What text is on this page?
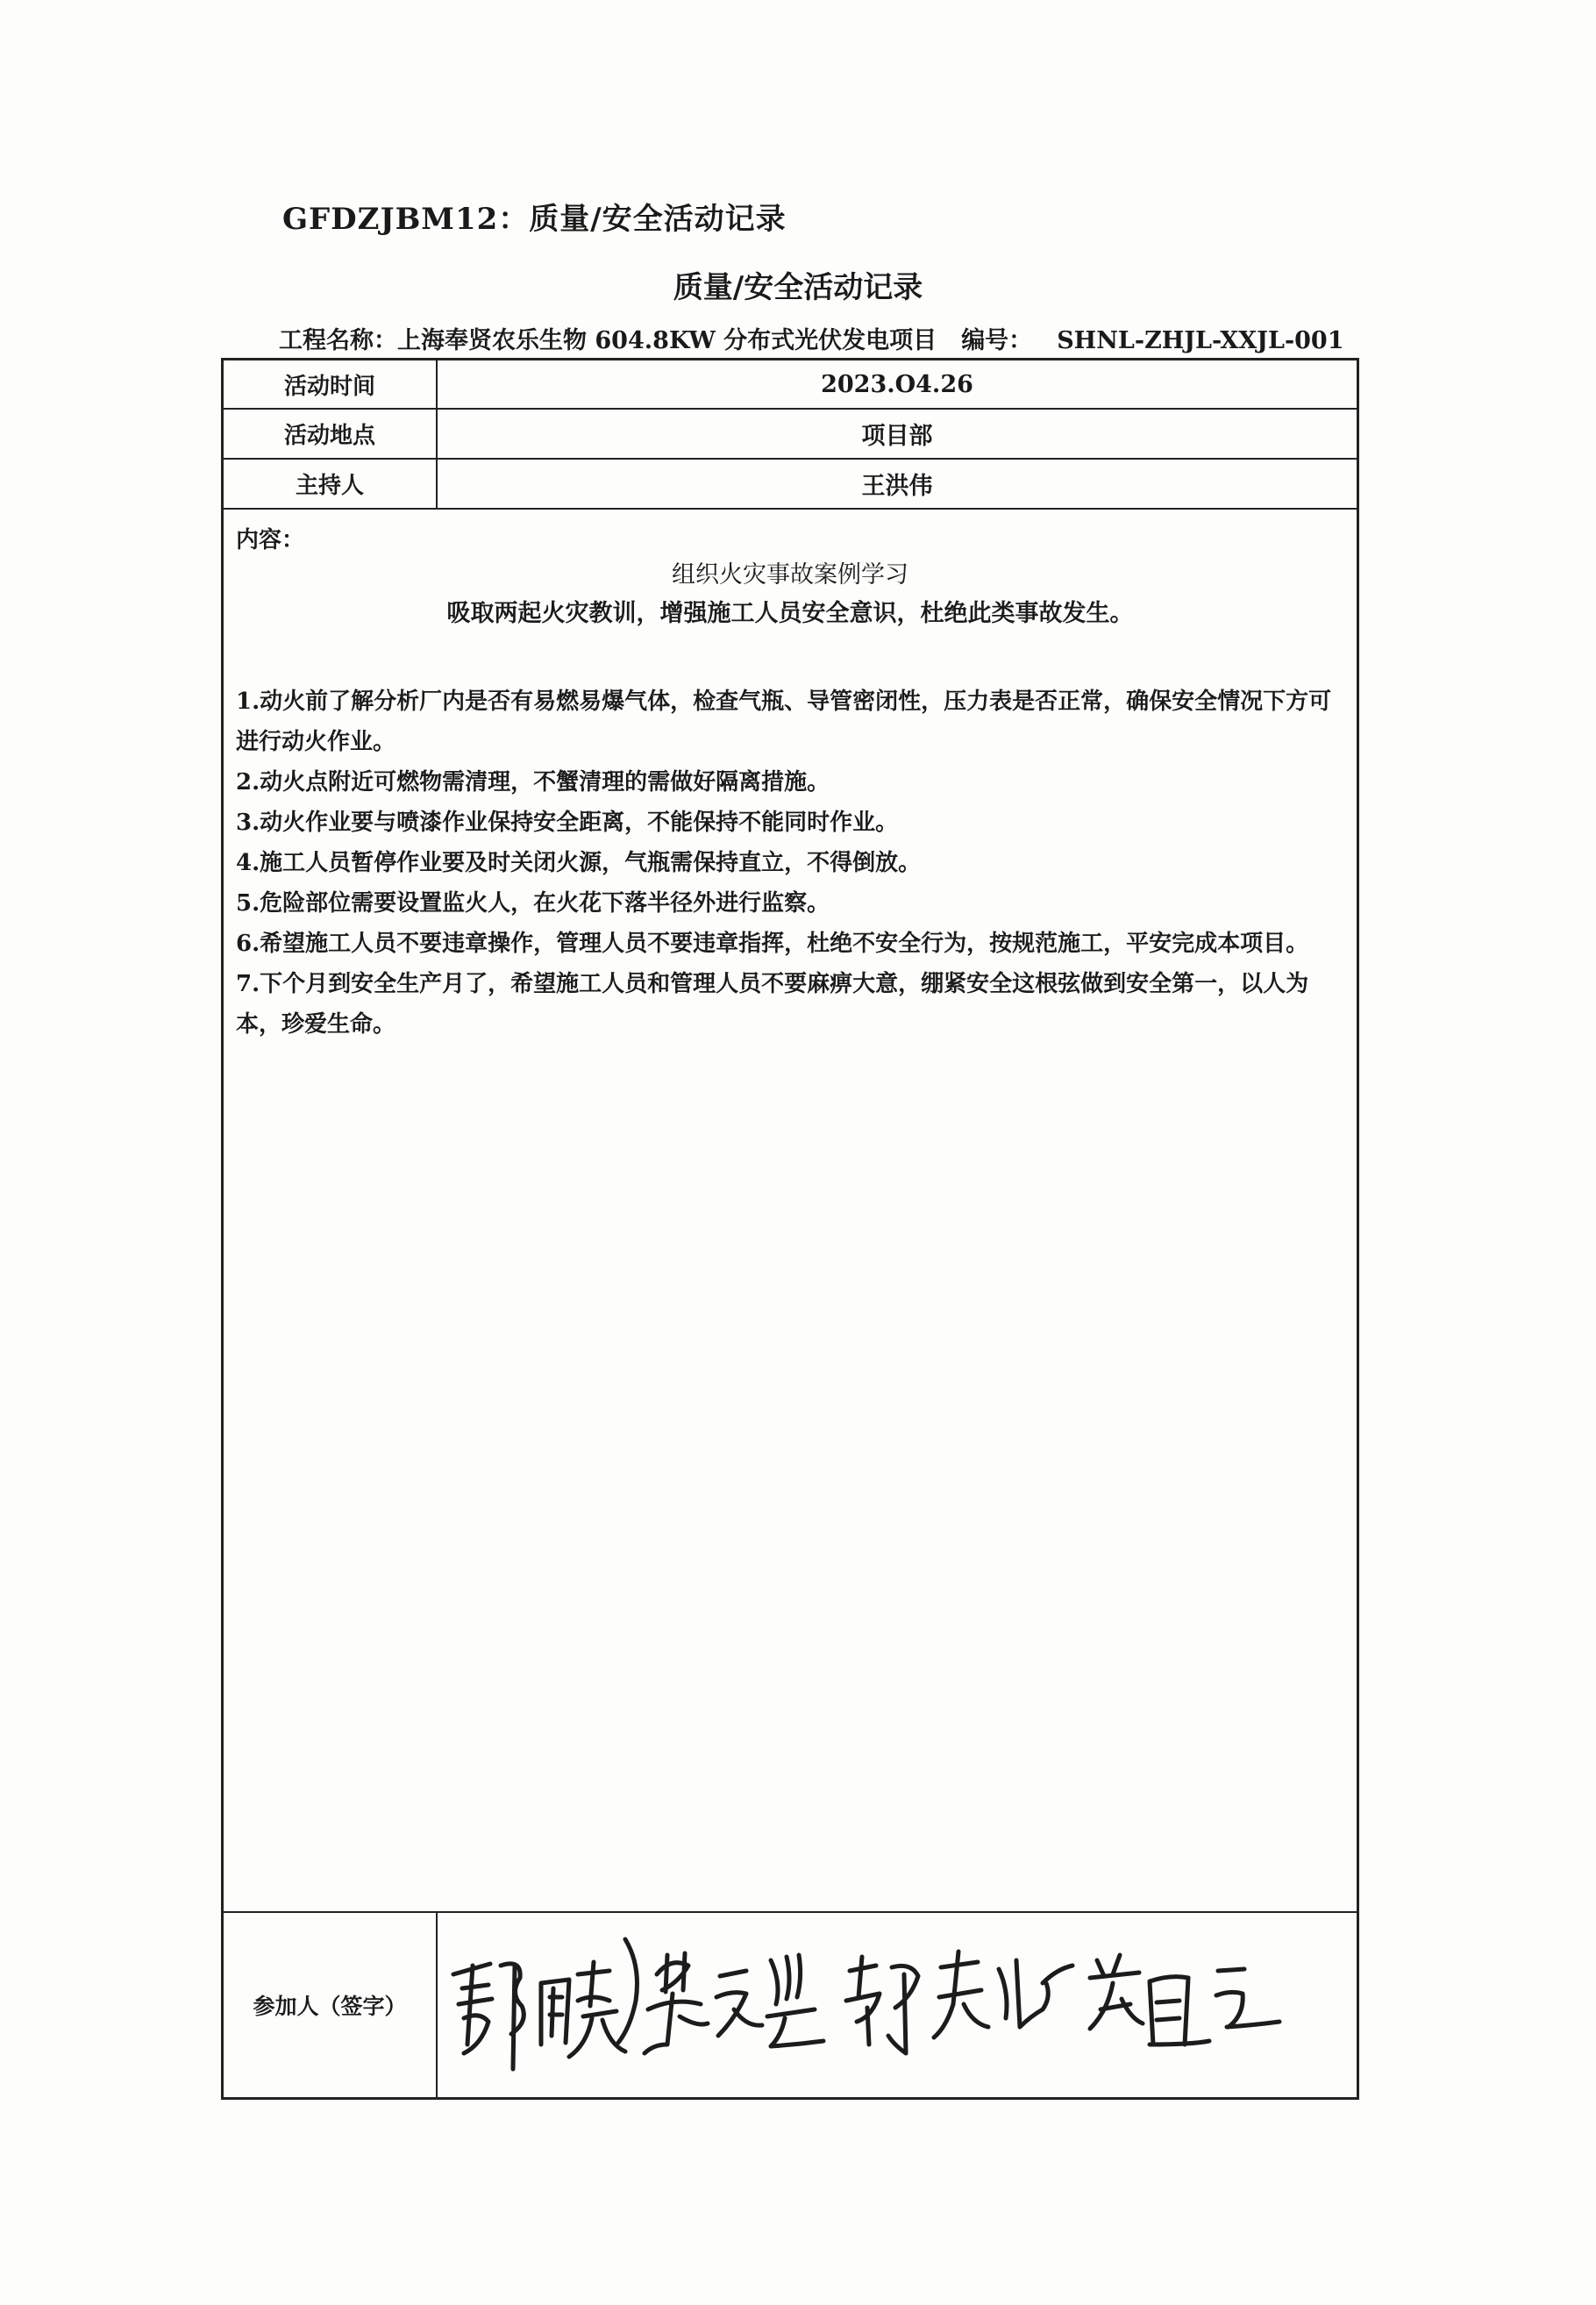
GFDZJBM12：质量/安全活动记录
质量/安全活动记录
工程名称：上海奉贤农乐生物 604.8KW 分布式光伏发电项目 编号： SHNL-ZHJL-XXJL-001
活动时间	2023.O4.26
活动地点	项目部
主持人	王洪伟
内容：
组织火灾事故案例学习
吸取两起火灾教训，增强施工人员安全意识，杜绝此类事故发生。

1.动火前了解分析厂内是否有易燃易爆气体，检查气瓶、导管密闭性，压力表是否正常，确保安全情况下方可进行动火作业。

2.动火点附近可燃物需清理，不蟹清理的需做好隔离措施。

3.动火作业要与喷漆作业保持安全距离，不能保持不能同时作业。

4.施工人员暂停作业要及时关闭火源，气瓶需保持直立，不得倒放。

5.危险部位需要设置监火人，在火花下落半径外进行监察。

6.希望施工人员不要违章操作，管理人员不要违章指挥，杜绝不安全行为，按规范施工，平安完成本项目。

7.下个月到安全生产月了，希望施工人员和管理人员不要麻痹大意，绷紧安全这根弦做到安全第一，以人为本，珍爱生命。

参加人（签字）
